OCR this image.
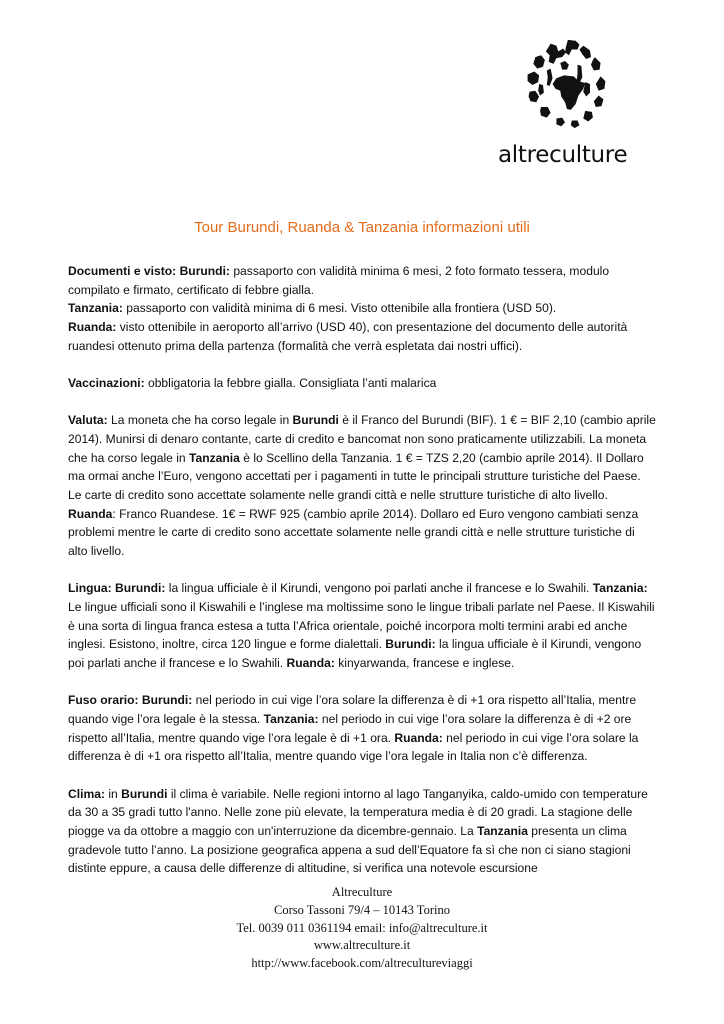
altreculture
Tour Burundi, Ruanda & Tanzania informazioni utili

Documenti e visto: Burundi: passaporto con validità minima 6 mesi, 2 foto formato tessera, modulo compilato e firmato, certificato di febbre gialla.
Tanzania: passaporto con validità minima di 6 mesi. Visto ottenibile alla frontiera (USD 50).
Ruanda: visto ottenibile in aeroporto all’arrivo (USD 40), con presentazione del documento delle autorità ruandesi ottenuto prima della partenza (formalità che verrà espletata dai nostri uffici).

Vaccinazioni: obbligatoria la febbre gialla. Consigliata l’anti malarica

Valuta: La moneta che ha corso legale in Burundi è il Franco del Burundi (BIF). 1 € = BIF 2,10 (cambio aprile 2014). Munirsi di denaro contante, carte di credito e bancomat non sono praticamente utilizzabili. La moneta che ha corso legale in Tanzania è lo Scellino della Tanzania. 1 € = TZS 2,20 (cambio aprile 2014). Il Dollaro ma ormai anche l’Euro, vengono accettati per i pagamenti in tutte le principali strutture turistiche del Paese. Le carte di credito sono accettate solamente nelle grandi città e nelle strutture turistiche di alto livello. Ruanda: Franco Ruandese. 1€ = RWF 925 (cambio aprile 2014). Dollaro ed Euro vengono cambiati senza problemi mentre le carte di credito sono accettate solamente nelle grandi città e nelle strutture turistiche di alto livello.

Lingua: Burundi: la lingua ufficiale è il Kirundi, vengono poi parlati anche il francese e lo Swahili. Tanzania: Le lingue ufficiali sono il Kiswahili e l’inglese ma moltissime sono le lingue tribali parlate nel Paese. Il Kiswahili è una sorta di lingua franca estesa a tutta l’Africa orientale, poiché incorpora molti termini arabi ed anche inglesi. Esistono, inoltre, circa 120 lingue e forme dialettali. Burundi: la lingua ufficiale è il Kirundi, vengono poi parlati anche il francese e lo Swahili. Ruanda: kinyarwanda, francese e inglese.

Fuso orario: Burundi: nel periodo in cui vige l’ora solare la differenza è di +1 ora rispetto all’Italia, mentre quando vige l’ora legale è la stessa. Tanzania: nel periodo in cui vige l’ora solare la differenza è di +2 ore rispetto all’Italia, mentre quando vige l’ora legale è di +1 ora. Ruanda: nel periodo in cui vige l’ora solare la differenza è di +1 ora rispetto all’Italia, mentre quando vige l’ora legale in Italia non c’è differenza.

Clima: in Burundi il clima è variabile. Nelle regioni intorno al lago Tanganyika, caldo-umido con temperature da 30 a 35 gradi tutto l'anno. Nelle zone più elevate, la temperatura media è di 20 gradi. La stagione delle piogge va da ottobre a maggio con un'interruzione da dicembre-gennaio. La Tanzania presenta un clima gradevole tutto l’anno. La posizione geografica appena a sud dell’Equatore fa sì che non ci siano stagioni distinte eppure, a causa delle differenze di altitudine, si verifica una notevole escursione

Altreculture
Corso Tassoni 79/4 – 10143 Torino
Tel. 0039 011 0361194 email: info@altreculture.it
www.altreculture.it
http://www.facebook.com/altrecultureviaggi
